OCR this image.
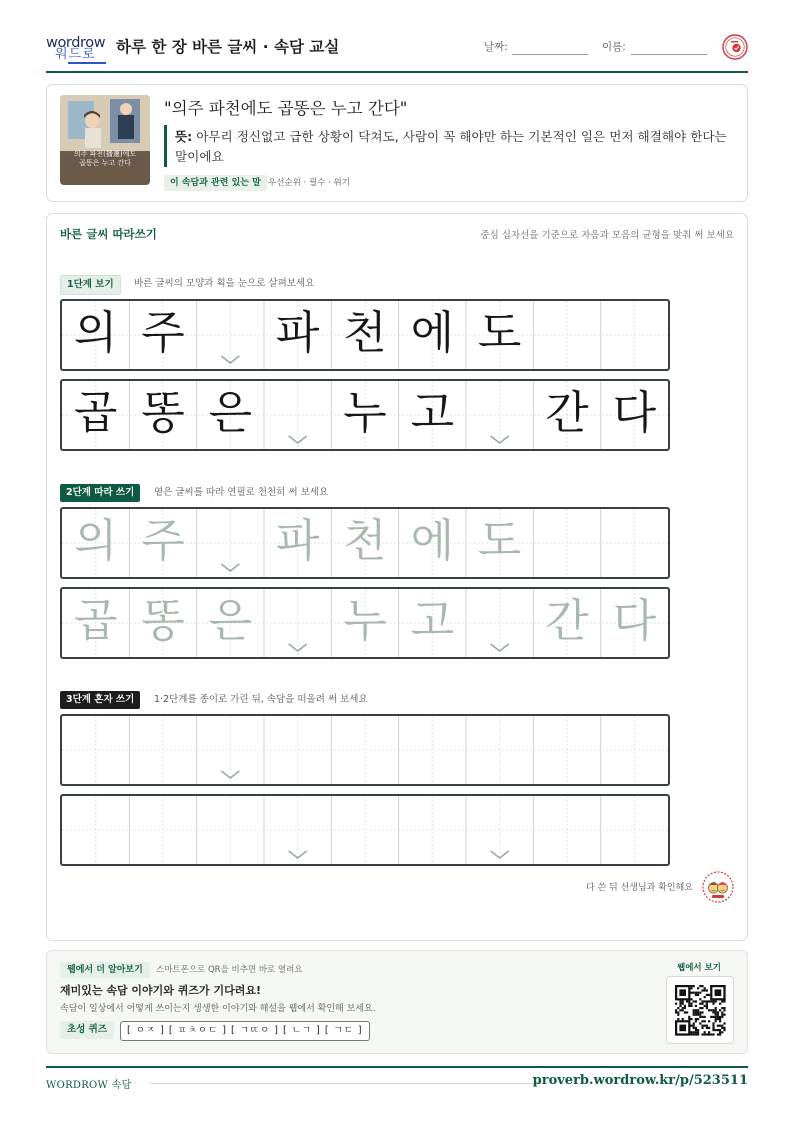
wordrow
워드로 하루 한 장 바른 글씨 · 속담 교실	날짜:	이름:
의주 파천(播遷)에도
곱똥은 누고 간다
"의주 파천에도 곱똥은 누고 간다"
뜻: 아무리 정신없고 급한 상황이 닥쳐도, 사람이 꼭 해야만 하는 기본적인 일은 먼저 해결해야 한다는 말이에요
이 속담과 관련 있는 말 우선순위 · 필수 · 위기
바른 글씨 따라쓰기	중심 십자선을 기준으로 자음과 모음의 균형을 맞춰 써 보세요
1단계 보기	바른 글씨의 모양과 획을 눈으로 살펴보세요
의 주 파 천 에 도
곱 똥 은 누 고 간 다
2단계 따라 쓰기	옅은 글씨를 따라 연필로 천천히 써 보세요
의 주 파 천 에 도
곱 똥 은 누 고 간 다
3단계 혼자 쓰기	1·2단계를 종이로 가린 뒤, 속담을 떠올려 써 보세요
다 쓴 뒤 선생님과 확인해요
웹에서 더 알아보기	스마트폰으로 QR을 비추면 바로 열려요
재미있는 속담 이야기와 퀴즈가 기다려요!
속담이 일상에서 어떻게 쓰이는지 생생한 이야기와 해설을 웹에서 확인해 보세요.
초성 퀴즈	[ ㅇㅈ ] [ ㅍㅊㅇㄷ ] [ ㄱㄸㅇ ] [ ㄴㄱ ] [ ㄱㄷ ]
웹에서 보기
WORDROW 속담	proverb.wordrow.kr/p/523511
